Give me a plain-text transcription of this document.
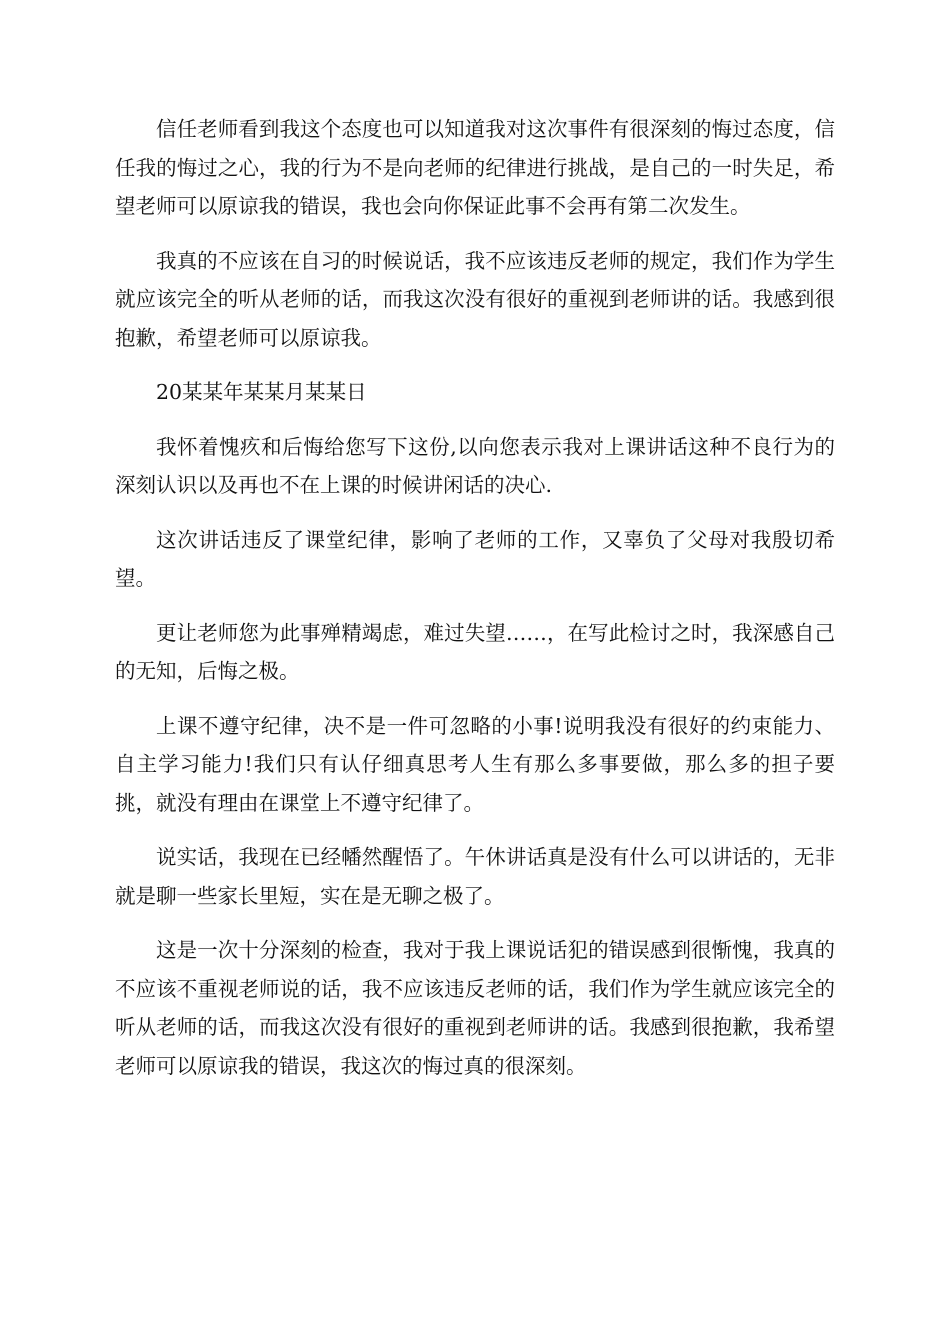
信任老师看到我这个态度也可以知道我对这次事件有很深刻的悔过态度，信任我的悔过之心，我的行为不是向老师的纪律进行挑战，是自己的一时失足，希望老师可以原谅我的错误，我也会向你保证此事不会再有第二次发生。

我真的不应该在自习的时候说话，我不应该违反老师的规定，我们作为学生就应该完全的听从老师的话，而我这次没有很好的重视到老师讲的话。我感到很抱歉，希望老师可以原谅我。

20某某年某某月某某日

我怀着愧疚和后悔给您写下这份,以向您表示我对上课讲话这种不良行为的深刻认识以及再也不在上课的时候讲闲话的决心.

这次讲话违反了课堂纪律，影响了老师的工作，又辜负了父母对我殷切希望。

更让老师您为此事殚精竭虑，难过失望……，在写此检讨之时，我深感自己的无知，后悔之极。

上课不遵守纪律，决不是一件可忽略的小事!说明我没有很好的约束能力、自主学习能力!我们只有认仔细真思考人生有那么多事要做，那么多的担子要挑，就没有理由在课堂上不遵守纪律了。

说实话，我现在已经幡然醒悟了。午休讲话真是没有什么可以讲话的，无非就是聊一些家长里短，实在是无聊之极了。

这是一次十分深刻的检查，我对于我上课说话犯的错误感到很惭愧，我真的不应该不重视老师说的话，我不应该违反老师的话，我们作为学生就应该完全的听从老师的话，而我这次没有很好的重视到老师讲的话。我感到很抱歉，我希望老师可以原谅我的错误，我这次的悔过真的很深刻。
